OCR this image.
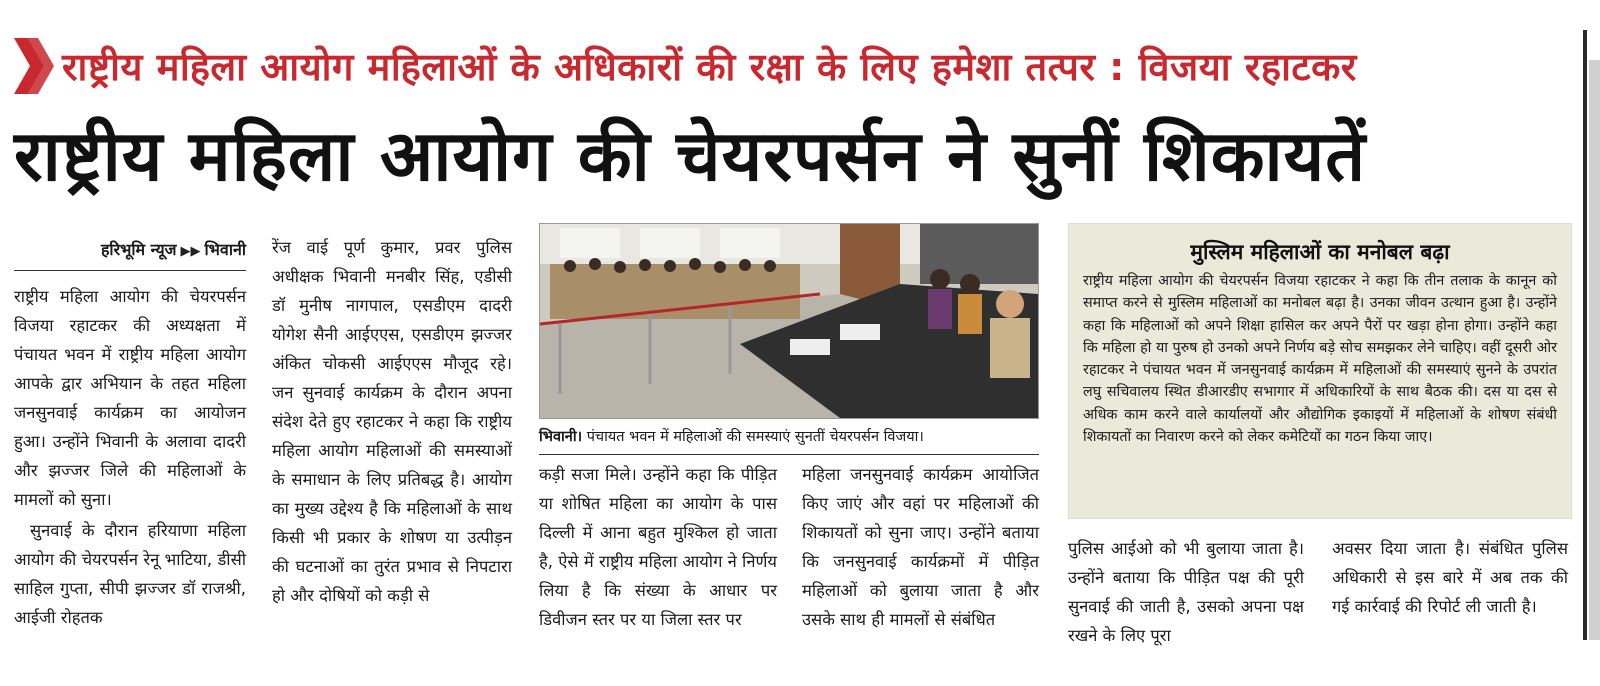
राष्ट्रीय महिला आयोग महिलाओं के अधिकारों की रक्षा के लिए हमेशा तत्पर : विजया रहाटकर
राष्ट्रीय महिला आयोग की चेयरपर्सन ने सुनीं शिकायतें
हरिभूमि न्यूज ▶▶ भिवानी

राष्ट्रीय महिला आयोग की चेयरपर्सन विजया रहाटकर की अध्यक्षता में पंचायत भवन में राष्ट्रीय महिला आयोग आपके द्वार अभियान के तहत महिला जनसुनवाई कार्यक्रम का आयोजन हुआ। उन्होंने भिवानी के अलावा दादरी और झज्जर जिले की महिलाओं के मामलों को सुना।

सुनवाई के दौरान हरियाणा महिला आयोग की चेयरपर्सन रेनू भाटिया, डीसी साहिल गुप्ता, सीपी झज्जर डॉ राजश्री, आईजी रोहतक

रेंज वाई पूर्ण कुमार, प्रवर पुलिस अधीक्षक भिवानी मनबीर सिंह, एडीसी डॉ मुनीष नागपाल, एसडीएम दादरी योगेश सैनी आईएएस, एसडीएम झज्जर अंकित चोकसी आईएएस मौजूद रहे। जन सुनवाई कार्यक्रम के दौरान अपना संदेश देते हुए रहाटकर ने कहा कि राष्ट्रीय महिला आयोग महिलाओं की समस्याओं के समाधान के लिए प्रतिबद्ध है। आयोग का मुख्य उद्देश्य है कि महिलाओं के साथ किसी भी प्रकार के शोषण या उत्पीड़न की घटनाओं का तुरंत प्रभाव से निपटारा हो और दोषियों को कड़ी से

भिवानी। पंचायत भवन में महिलाओं की समस्याएं सुनतीं चेयरपर्सन विजया।

कड़ी सजा मिले। उन्होंने कहा कि पीड़ित या शोषित महिला का आयोग के पास दिल्ली में आना बहुत मुश्किल हो जाता है, ऐसे में राष्ट्रीय महिला आयोग ने निर्णय लिया है कि संख्या के आधार पर डिवीजन स्तर पर या जिला स्तर पर

महिला जनसुनवाई कार्यक्रम आयोजित किए जाएं और वहां पर महिलाओं की शिकायतों को सुना जाए। उन्होंने बताया कि जनसुनवाई कार्यक्रमों में पीड़ित महिलाओं को बुलाया जाता है और उसके साथ ही मामलों से संबंधित

मुस्लिम महिलाओं का मनोबल बढ़ा
राष्ट्रीय महिला आयोग की चेयरपर्सन विजया रहाटकर ने कहा कि तीन तलाक के कानून को समाप्त करने से मुस्लिम महिलाओं का मनोबल बढ़ा है। उनका जीवन उत्थान हुआ है। उन्होंने कहा कि महिलाओं को अपने शिक्षा हासिल कर अपने पैरों पर खड़ा होना होगा। उन्होंने कहा कि महिला हो या पुरुष हो उनको अपने निर्णय बड़े सोच समझकर लेने चाहिए। वहीं दूसरी ओर रहाटकर ने पंचायत भवन में जनसुनवाई कार्यक्रम में महिलाओं की समस्याएं सुनने के उपरांत लघु सचिवालय स्थित डीआरडीए सभागार में अधिकारियों के साथ बैठक की। दस या दस से अधिक काम करने वाले कार्यालयों और औद्योगिक इकाइयों में महिलाओं के शोषण संबंधी शिकायतों का निवारण करने को लेकर कमेटियों का गठन किया जाए।

पुलिस आईओ को भी बुलाया जाता है। उन्होंने बताया कि पीड़ित पक्ष की पूरी सुनवाई की जाती है, उसको अपना पक्ष रखने के लिए पूरा

अवसर दिया जाता है। संबंधित पुलिस अधिकारी से इस बारे में अब तक की गई कार्रवाई की रिपोर्ट ली जाती है।
